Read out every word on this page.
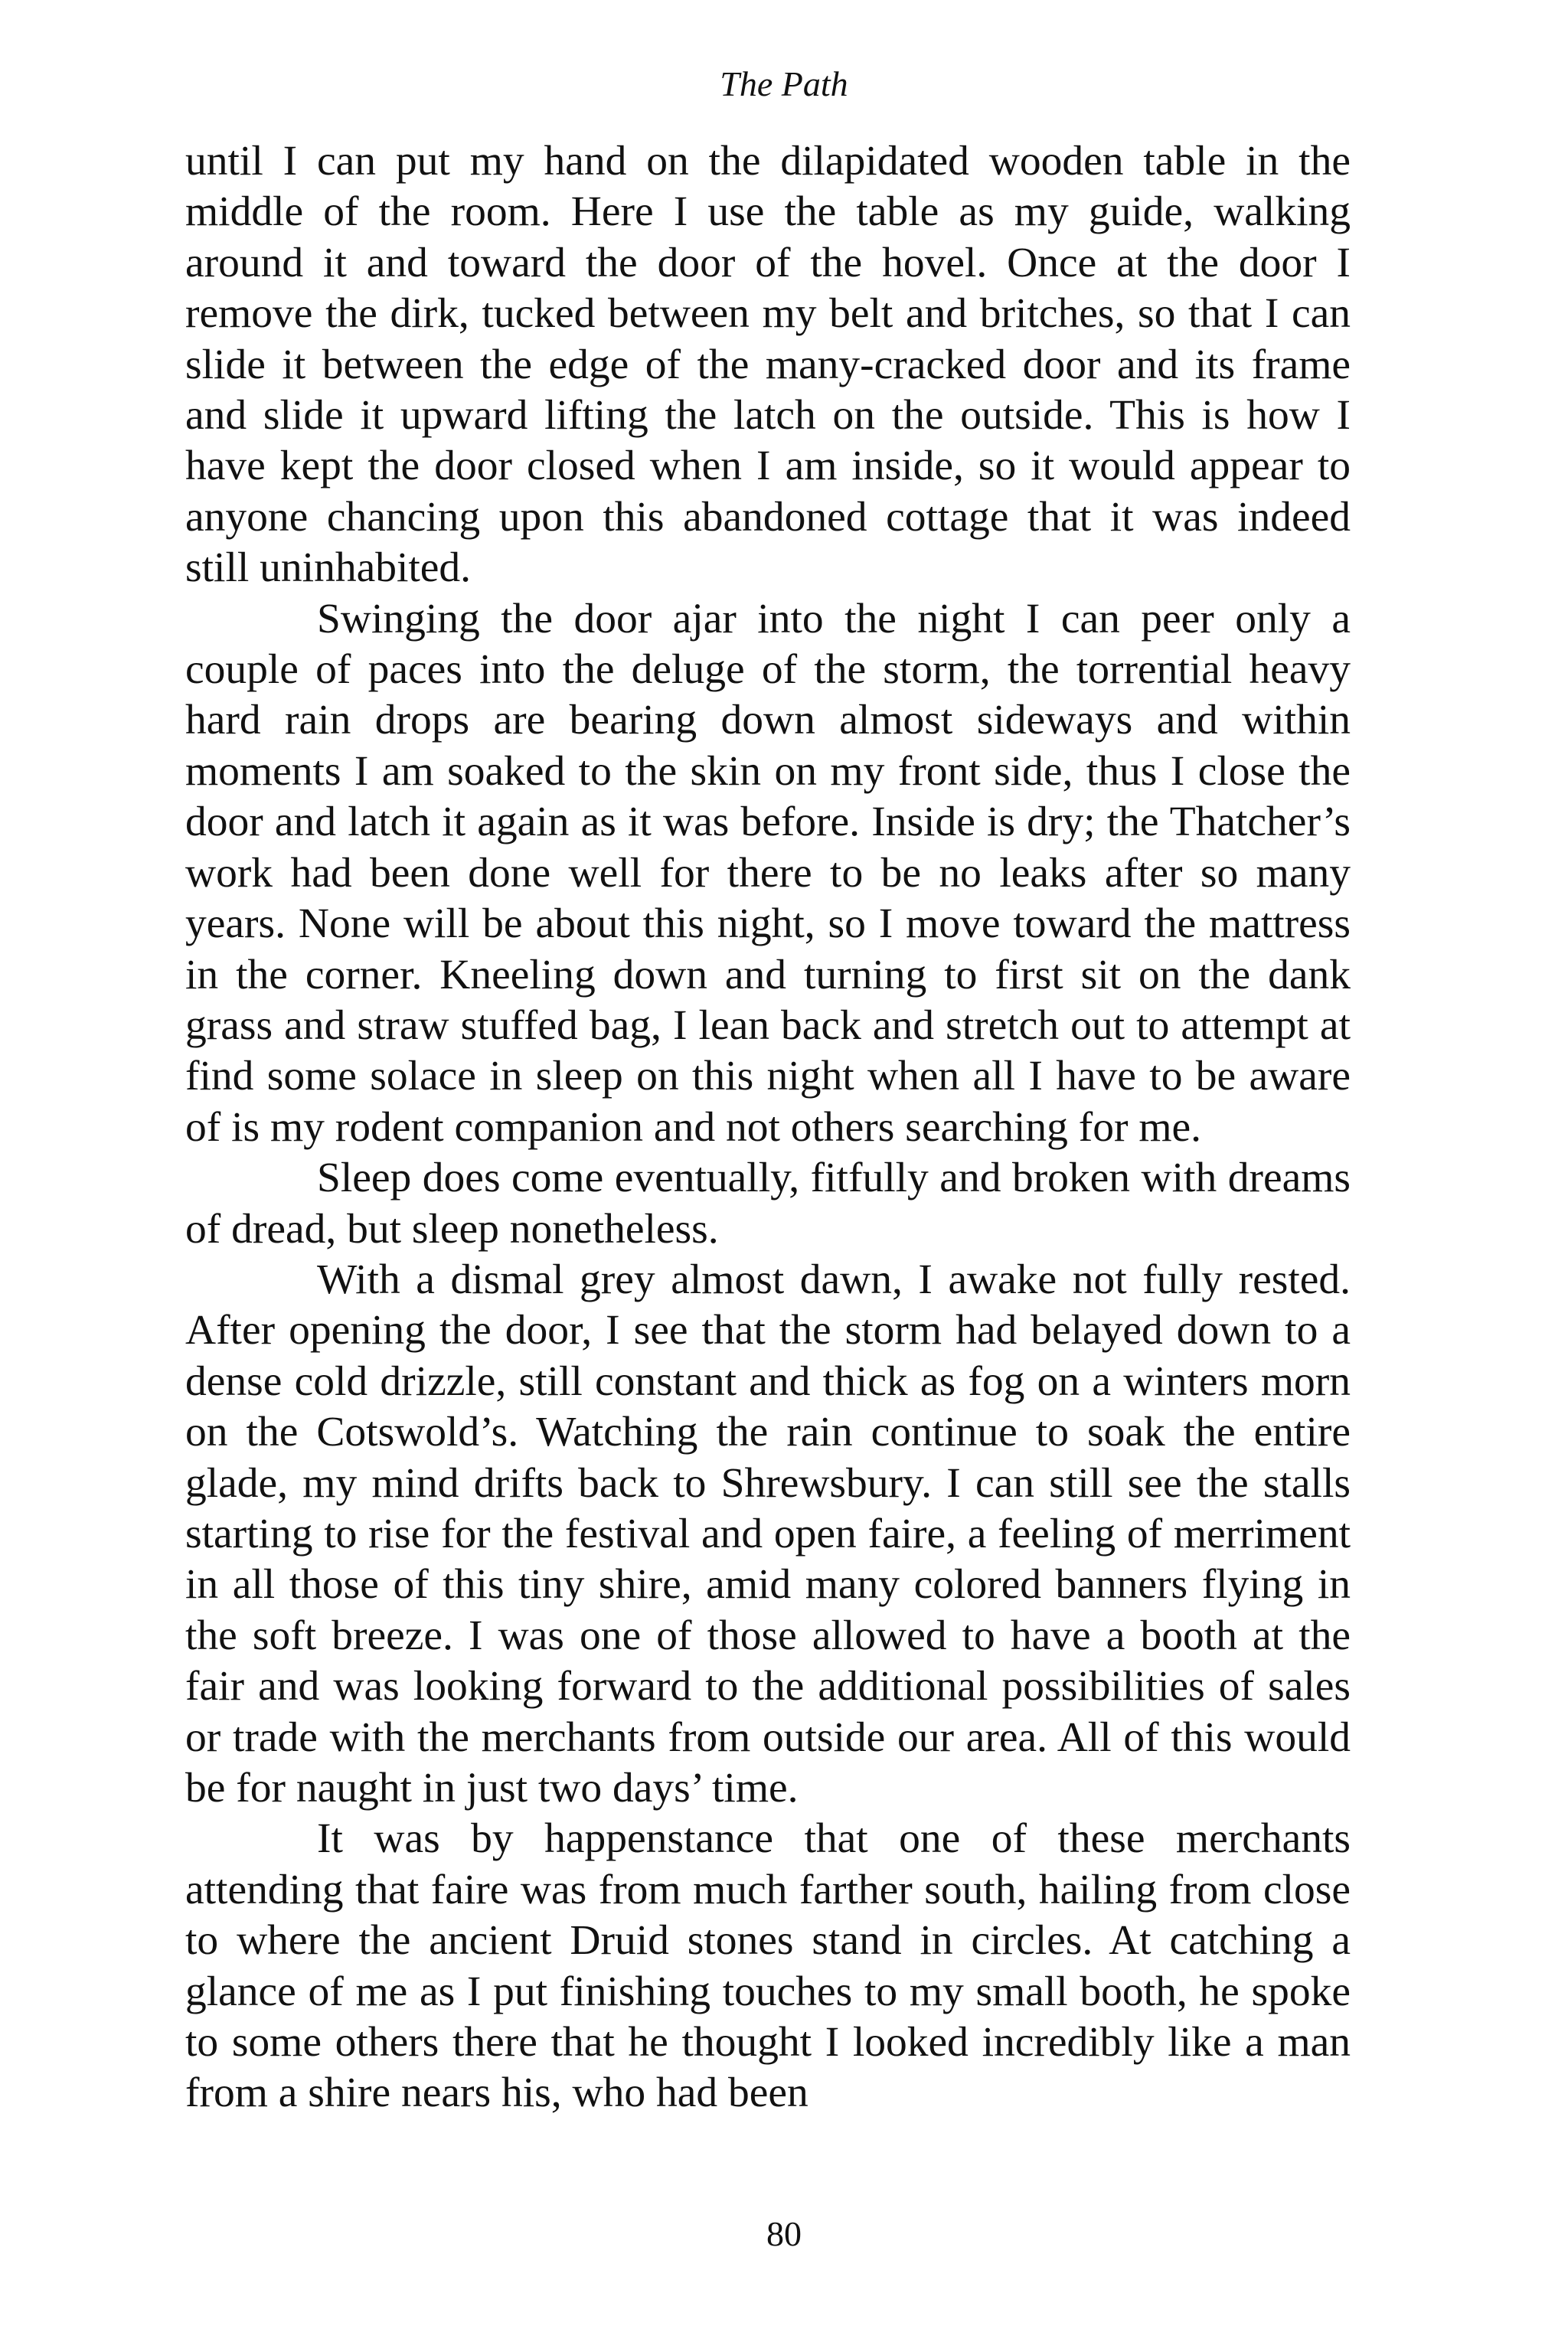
The Path

until I can put my hand on the dilapidated wooden table in the middle of the room. Here I use the table as my guide, walking around it and toward the door of the hovel. Once at the door I remove the dirk, tucked between my belt and britches, so that I can slide it between the edge of the many-cracked door and its frame and slide it upward lifting the latch on the outside. This is how I have kept the door closed when I am inside, so it would appear to anyone chancing upon this abandoned cottage that it was indeed still uninhabited.

Swinging the door ajar into the night I can peer only a couple of paces into the deluge of the storm, the torrential heavy hard rain drops are bearing down almost sideways and within moments I am soaked to the skin on my front side, thus I close the door and latch it again as it was before. Inside is dry; the Thatcher’s work had been done well for there to be no leaks after so many years. None will be about this night, so I move toward the mattress in the corner. Kneeling down and turning to first sit on the dank grass and straw stuffed bag, I lean back and stretch out to attempt at find some solace in sleep on this night when all I have to be aware of is my rodent companion and not others searching for me.

Sleep does come eventually, fitfully and broken with dreams of dread, but sleep nonetheless.

With a dismal grey almost dawn, I awake not fully rested. After opening the door, I see that the storm had belayed down to a dense cold drizzle, still constant and thick as fog on a winters morn on the Cotswold’s. Watching the rain continue to soak the entire glade, my mind drifts back to Shrewsbury. I can still see the stalls starting to rise for the festival and open faire, a feeling of merriment in all those of this tiny shire, amid many colored banners flying in the soft breeze. I was one of those allowed to have a booth at the fair and was looking forward to the additional possibilities of sales or trade with the merchants from outside our area. All of this would be for naught in just two days’ time.

It was by happenstance that one of these merchants attending that faire was from much farther south, hailing from close to where the ancient Druid stones stand in circles. At catching a glance of me as I put finishing touches to my small booth, he spoke to some others there that he thought I looked incredibly like a man from a shire nears his, who had been

80
